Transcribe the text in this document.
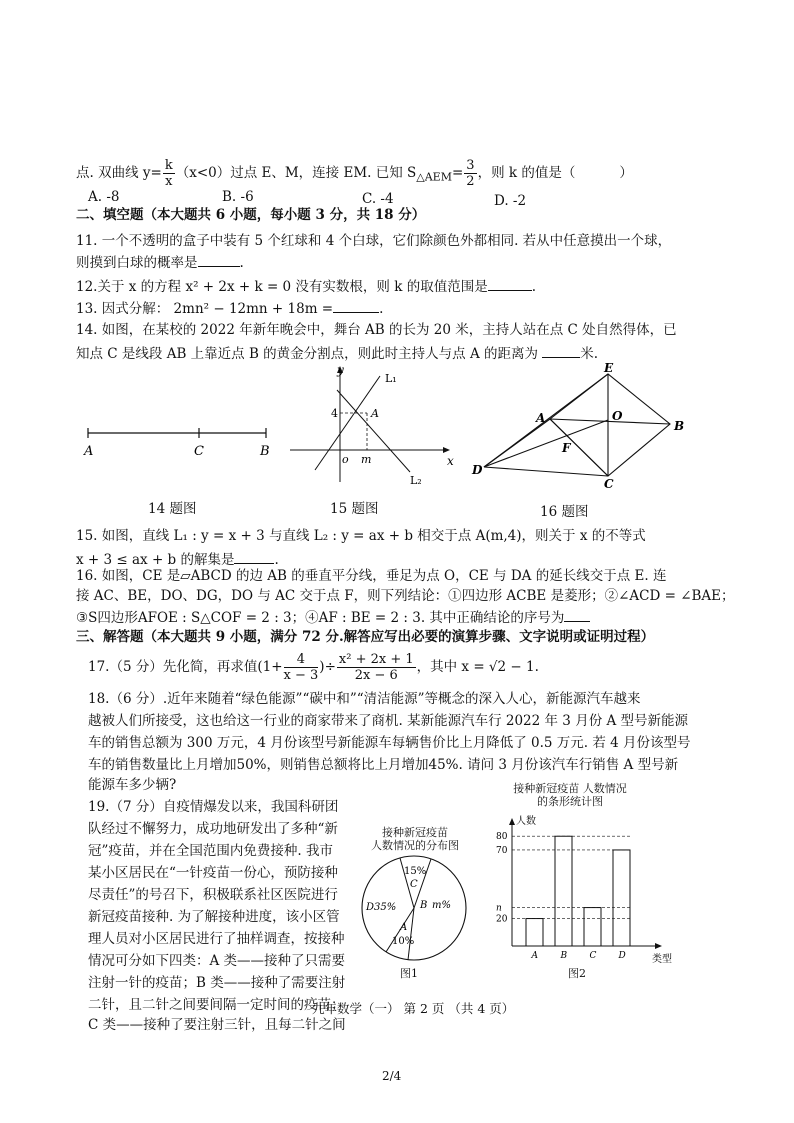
点. 双曲线 $y= \frac{k}{x} (x<0)$过点 E、M，连接 EM. 已知 $S_{\triangle AEM}= \frac{3}{2}$ ，则 k 的值是（	）
A. -8	B. -6	C. -4	D. -2
二、填空题（本大题共 6 小题，每小题 3 分，共 18 分）
11. 一个不透明的盒子中装有 5 个红球和 4 个白球，它们除颜色外都相同. 若从中任意摸出一个球，
则摸到白球的概率是	.
12.关于 x 的方程 x² + 2x + k = 0 没有实数根，则 k 的取值范围是	.
13. 因式分解： 2mn² − 12mn + 18m =	.
14. 如图，在某校的 2022 年新年晚会中，舞台 AB 的长为 20 米，主持人站在点 C 处自然得体，已
知点 C 是线段 AB 上靠近点 B 的黄金分割点，则此时主持人与点 A 的距离为	米.
A	C	B
14 题图
y
L₁
4	A
o m	x
L₂
15 题图
E
A	O
B
F
D
C
16 题图
15. 如图，直线 L₁ : y = x + 3 与直线 L₂ : y = ax + b 相交于点 A(m,4)，则关于 x 的不等式
x + 3 ≤ ax + b 的解集是	.
16. 如图，CE 是▱ABCD 的边 AB 的垂直平分线，垂足为点 O，CE 与 DA 的延长线交于点 E. 连
接 AC、BE，DO、DG，DO 与 AC 交于点 F，则下列结论：①四边形 ACBE 是菱形；②∠ACD = ∠BAE；
③S四边形AFOE : S△COF = 2 : 3；④AF : BE = 2 : 3. 其中正确结论的序号为
三、解答题（本大题共 9 小题，满分 72 分.解答应写出必要的演算步骤、文字说明或证明过程）
17.（5 分）先化简，再求值($1+ \frac{4}{x - 3}$ )÷ $\frac{\text{x² + 2x + 1}}{2x - 6}$ ，其中 x = √2 − 1.
18.（6 分）.近年来随着“绿色能源”“碳中和”“清洁能源”等概念的深入人心，新能源汽车越来
越被人们所接受，这也给这一行业的商家带来了商机. 某新能源汽车行 2022 年 3 月份 A 型号新能源
车的销售总额为 300 万元，4 月份该型号新能源车每辆售价比上月降低了 0.5 万元. 若 4 月份该型号
车的销售数量比上月增加50%，则销售总额将比上月增加45%. 请问 3 月份该汽车行销售 A 型号新
能源车多少辆?
19.（7 分）自疫情爆发以来，我国科研团
队经过不懈努力，成功地研发出了多种“新
冠”疫苗，并在全国范围内免费接种. 我市
某小区居民在“一针疫苗一份心，预防接种
尽责任”的号召下，积极联系社区医院进行
新冠疫苗接种. 为了解接种进度，该小区管
理人员对小区居民进行了抽样调查，按接种
情况可分如下四类：A 类——接种了只需要
注射一针的疫苗；B 类——接种了需要注射
二针，且二针之间要间隔一定时间的疫苗；
C 类——接种了要注射三针，且每二针之间
接种新冠疫苗
人数情况的分布图
15%
C
D35% B m%
A
10%
图1
接种新冠疫苗 人数情况的条形统计图
人数
类型
A	B C D
20
n
70
80
图2
九年数学（一） 第 2 页 （共 4 页）
2/4
